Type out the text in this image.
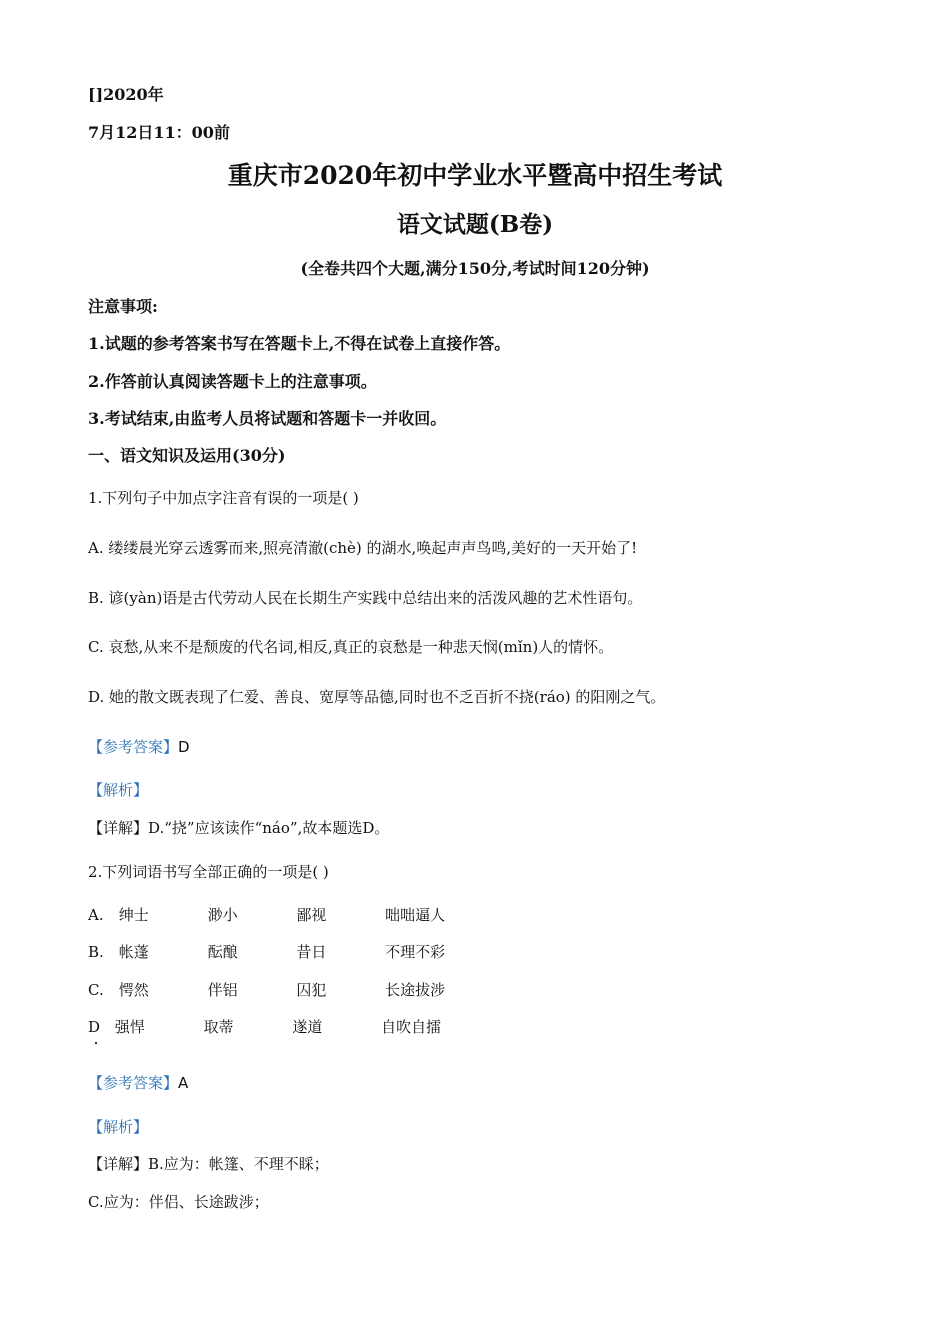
[]2020年
7月12日11：00前
重庆市2020年初中学业水平暨高中招生考试
语文试题(B卷)
(全卷共四个大题,满分150分,考试时间120分钟)
注意事项:
1.试题的参考答案书写在答题卡上,不得在试卷上直接作答。
2.作答前认真阅读答题卡上的注意事项。
3.考试结束,由监考人员将试题和答题卡一并收回。
一、语文知识及运用(30分)
1.下列句子中加点字注音有误的一项是( )
A. 缕缕晨光穿云透雾而来,照亮清澈(chè) 的湖水,唤起声声鸟鸣,美好的一天开始了!
B. 谚(yàn)语是古代劳动人民在长期生产实践中总结出来的活泼风趣的艺术性语句。
C. 哀愁,从来不是颓废的代名词,相反,真正的哀愁是一种悲天悯(mǐn)人的情怀。
D. 她的散文既表现了仁爱、善良、宽厚等品德,同时也不乏百折不挠(ráo) 的阳刚之气。
【参考答案】D
【解析】
【详解】D.“挠”应该读作“náo”,故本题选D。
2.下列词语书写全部正确的一项是( )
A. 绅士	渺小	鄙视	咄咄逼人
B. 帐蓬	酝酿	昔日	不理不彩
C. 愕然	伴铝	囚犯	长途拔涉
D 强悍	取蒂	遂道	自吹自擂
【参考答案】A
【解析】
【详解】B.应为：帐篷、不理不睬；
C.应为：伴侣、长途跋涉；
